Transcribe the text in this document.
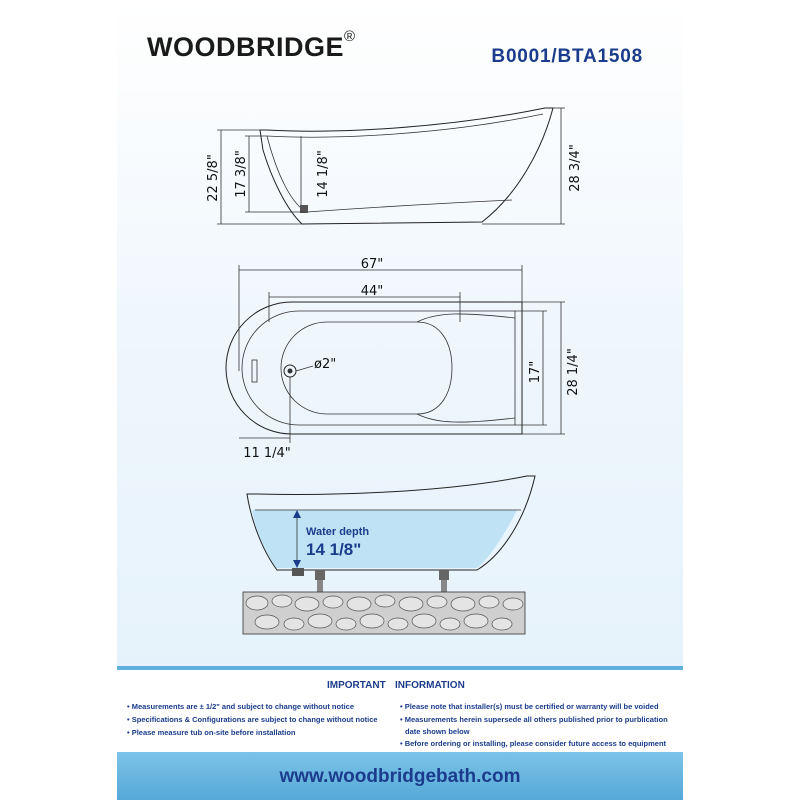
WOODBRIDGE®
B0001/BTA1508
22 5/8" 17 3/8"	14 1/8"	28 3/4"
67"
44"
ø2"	17" 28 1/4"
11 1/4"
Water depth
14 1/8"
IMPORTANT INFORMATION
• Measurements are ± 1/2" and subject to change without notice
• Specifications & Configurations are subject to change without notice
• Please measure tub on-site before installation
• Please note that installer(s) must be certified or warranty will be voided
• Measurements herein supersede all others published prior to purblication
date shown below
• Before ordering or installing, please consider future access to equipment
www.woodbridgebath.com
